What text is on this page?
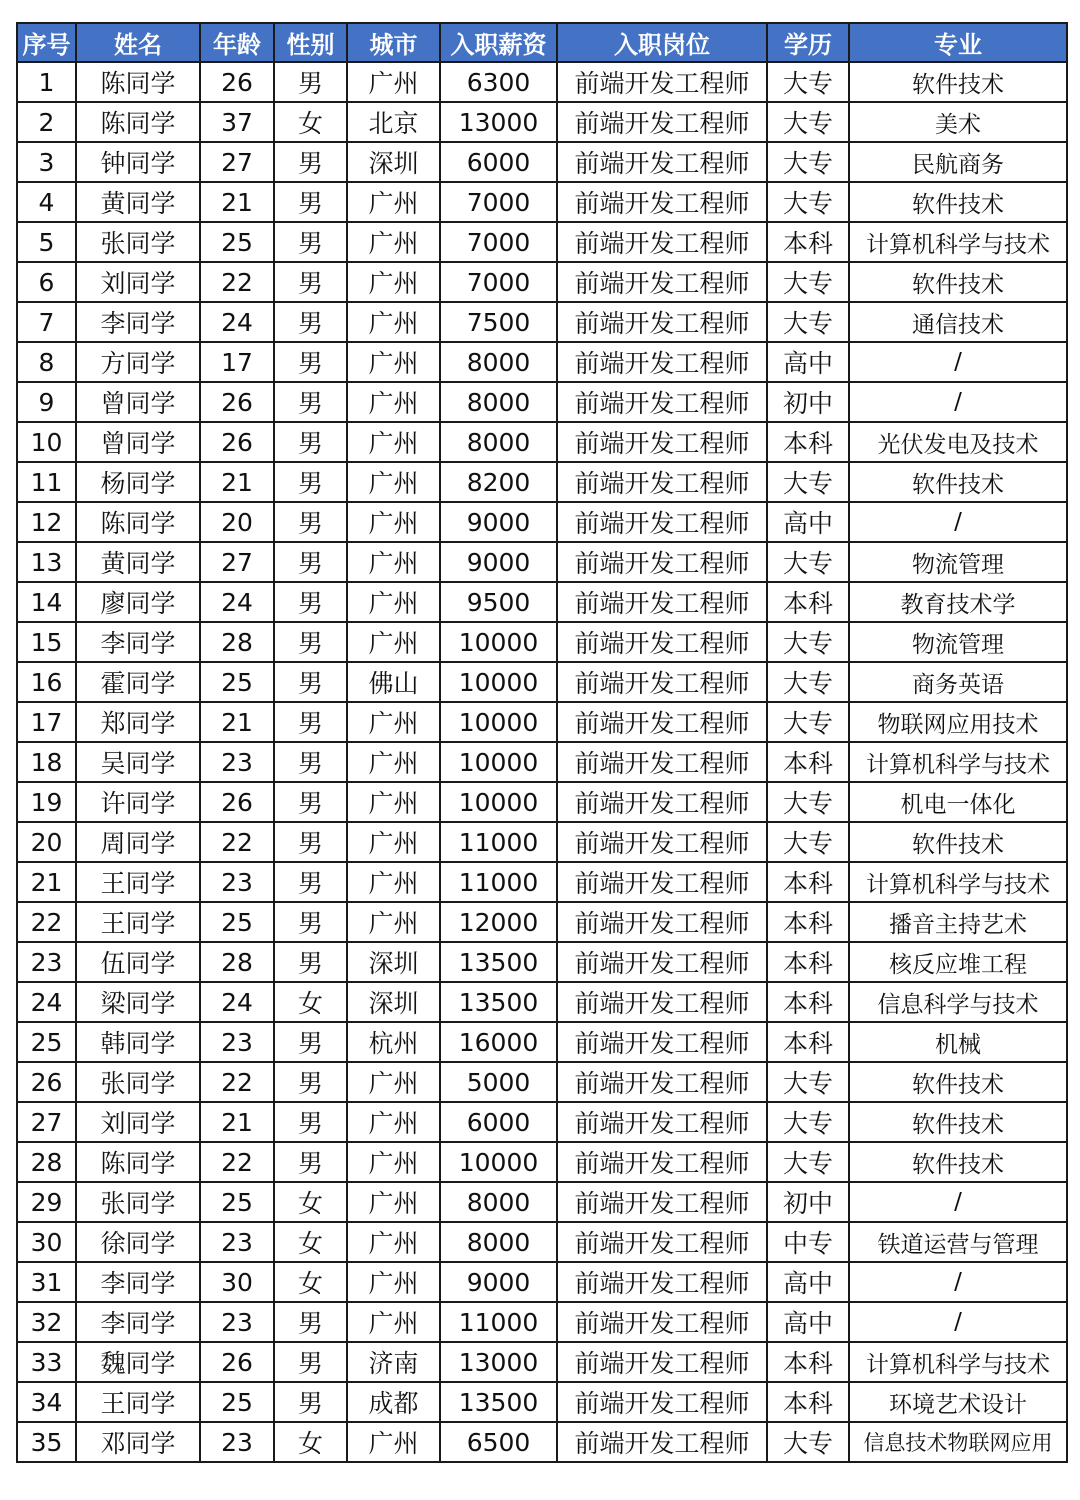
序号	姓名	年龄	性别	城市	入职薪资	入职岗位	学历	专业
1	陈同学	26	男	广州	6300	前端开发工程师	大专	软件技术
2	陈同学	37	女	北京	13000	前端开发工程师	大专	美术
3	钟同学	27	男	深圳	6000	前端开发工程师	大专	民航商务
4	黄同学	21	男	广州	7000	前端开发工程师	大专	软件技术
5	张同学	25	男	广州	7000	前端开发工程师	本科	计算机科学与技术
6	刘同学	22	男	广州	7000	前端开发工程师	大专	软件技术
7	李同学	24	男	广州	7500	前端开发工程师	大专	通信技术
8	方同学	17	男	广州	8000	前端开发工程师	高中	/
9	曾同学	26	男	广州	8000	前端开发工程师	初中	/
10	曾同学	26	男	广州	8000	前端开发工程师	本科	光伏发电及技术
11	杨同学	21	男	广州	8200	前端开发工程师	大专	软件技术
12	陈同学	20	男	广州	9000	前端开发工程师	高中	/
13	黄同学	27	男	广州	9000	前端开发工程师	大专	物流管理
14	廖同学	24	男	广州	9500	前端开发工程师	本科	教育技术学
15	李同学	28	男	广州	10000	前端开发工程师	大专	物流管理
16	霍同学	25	男	佛山	10000	前端开发工程师	大专	商务英语
17	郑同学	21	男	广州	10000	前端开发工程师	大专	物联网应用技术
18	吴同学	23	男	广州	10000	前端开发工程师	本科	计算机科学与技术
19	许同学	26	男	广州	10000	前端开发工程师	大专	机电一体化
20	周同学	22	男	广州	11000	前端开发工程师	大专	软件技术
21	王同学	23	男	广州	11000	前端开发工程师	本科	计算机科学与技术
22	王同学	25	男	广州	12000	前端开发工程师	本科	播音主持艺术
23	伍同学	28	男	深圳	13500	前端开发工程师	本科	核反应堆工程
24	梁同学	24	女	深圳	13500	前端开发工程师	本科	信息科学与技术
25	韩同学	23	男	杭州	16000	前端开发工程师	本科	机械
26	张同学	22	男	广州	5000	前端开发工程师	大专	软件技术
27	刘同学	21	男	广州	6000	前端开发工程师	大专	软件技术
28	陈同学	22	男	广州	10000	前端开发工程师	大专	软件技术
29	张同学	25	女	广州	8000	前端开发工程师	初中	/
30	徐同学	23	女	广州	8000	前端开发工程师	中专	铁道运营与管理
31	李同学	30	女	广州	9000	前端开发工程师	高中	/
32	李同学	23	男	广州	11000	前端开发工程师	高中	/
33	魏同学	26	男	济南	13000	前端开发工程师	本科	计算机科学与技术
34	王同学	25	男	成都	13500	前端开发工程师	本科	环境艺术设计
35	邓同学	23	女	广州	6500	前端开发工程师	大专	信息技术物联网应用
